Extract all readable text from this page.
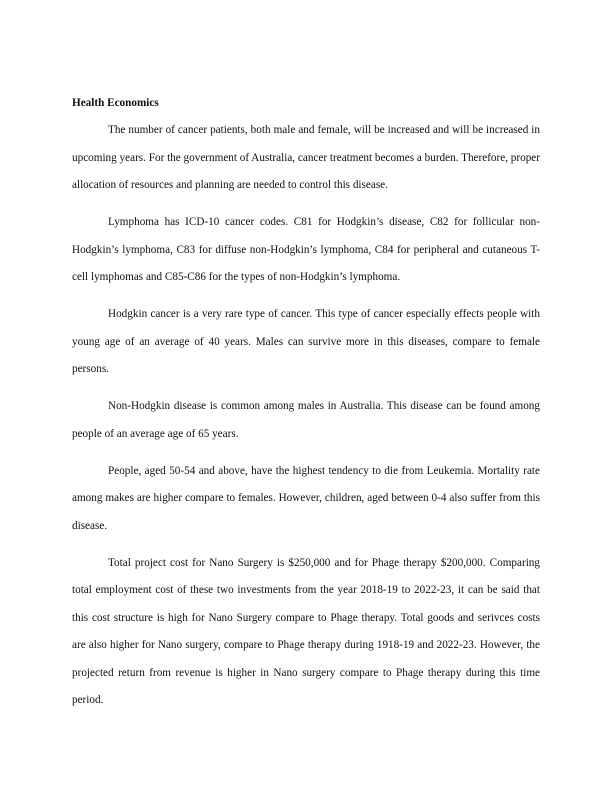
Health Economics

The number of cancer patients, both male and female, will be increased and will be increased in upcoming years. For the government of Australia, cancer treatment becomes a burden. Therefore, proper allocation of resources and planning are needed to control this disease.

Lymphoma has ICD-10 cancer codes. C81 for Hodgkin’s disease, C82 for follicular non-Hodgkin’s lymphoma, C83 for diffuse non-Hodgkin’s lymphoma, C84 for peripheral and cutaneous T-cell lymphomas and C85-C86 for the types of non-Hodgkin’s lymphoma.

Hodgkin cancer is a very rare type of cancer. This type of cancer especially effects people with young age of an average of 40 years. Males can survive more in this diseases, compare to female persons.

Non-Hodgkin disease is common among males in Australia. This disease can be found among people of an average age of 65 years.

People, aged 50-54 and above, have the highest tendency to die from Leukemia. Mortality rate among makes are higher compare to females. However, children, aged between 0-4 also suffer from this disease.

Total project cost for Nano Surgery is $250,000 and for Phage therapy $200,000. Comparing total employment cost of these two investments from the year 2018-19 to 2022-23, it can be said that this cost structure is high for Nano Surgery compare to Phage therapy. Total goods and serivces costs are also higher for Nano surgery, compare to Phage therapy during 1918-19 and 2022-23. However, the projected return from revenue is higher in Nano surgery compare to Phage therapy during this time period.
